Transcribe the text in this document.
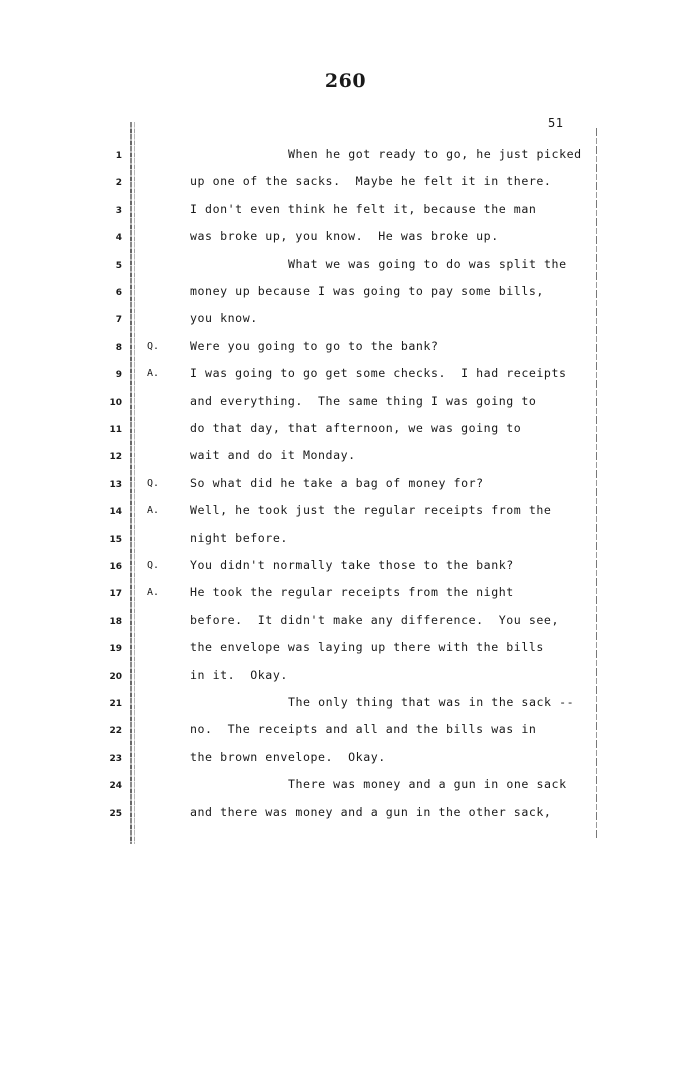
260
51
1	When he got ready to go, he just picked
2	up one of the sacks.  Maybe he felt it in there.
3	I don't even think he felt it, because the man
4	was broke up, you know.  He was broke up.
5	What we was going to do was split the
6	money up because I was going to pay some bills,
7	you know.
8	Q.	Were you going to go to the bank?
9	A.	I was going to go get some checks.  I had receipts
10	and everything.  The same thing I was going to
11	do that day, that afternoon, we was going to
12	wait and do it Monday.
13	Q.	So what did he take a bag of money for?
14	A.	Well, he took just the regular receipts from the
15	night before.
16	Q.	You didn't normally take those to the bank?
17	A.	He took the regular receipts from the night
18	before.  It didn't make any difference.  You see,
19	the envelope was laying up there with the bills
20	in it.  Okay.
21	The only thing that was in the sack --
22	no.  The receipts and all and the bills was in
23	the brown envelope.  Okay.
24	There was money and a gun in one sack
25	and there was money and a gun in the other sack,
